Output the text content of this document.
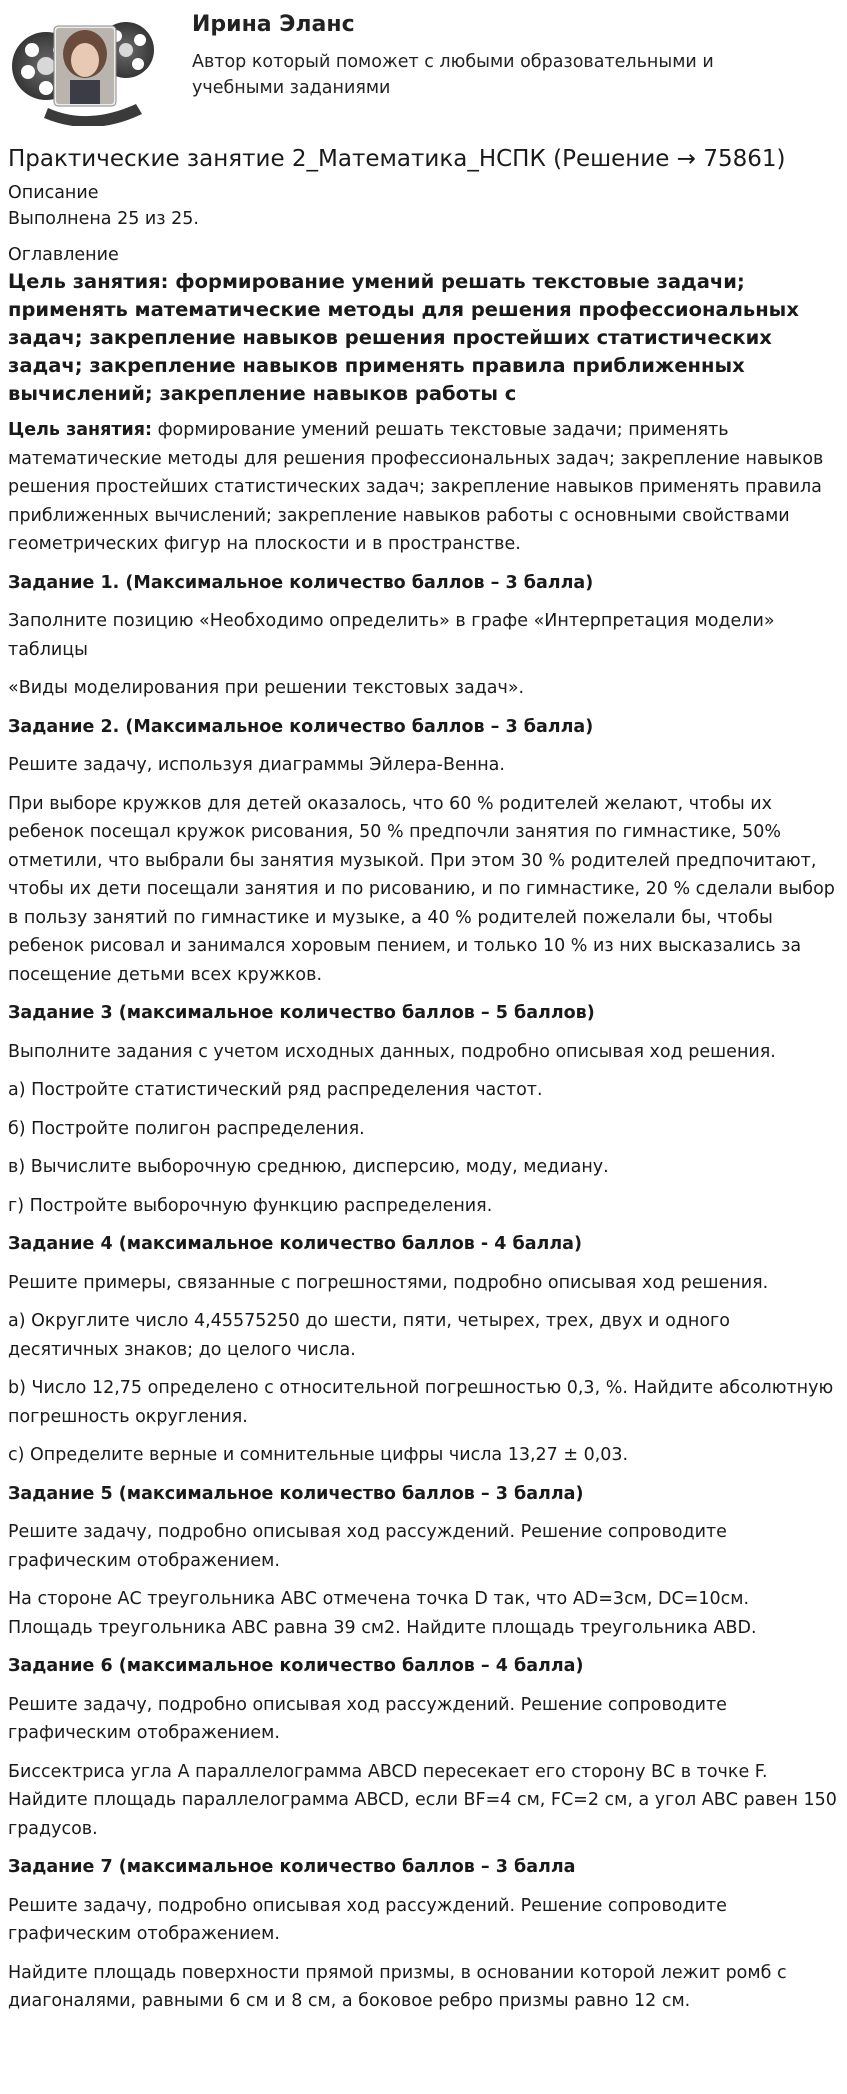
Ирина Эланс

Автор который поможет с любыми образовательными и учебными заданиями

Практические занятие 2_Математика_НСПК (Решение → 75861)

Описание

Выполнена 25 из 25.

Оглавление

Цель занятия: формирование умений решать текстовые задачи; применять математические методы для решения профессиональных задач; закрепление навыков решения простейших статистических задач; закрепление навыков применять правила приближенных вычислений; закрепление навыков работы с

Цель занятия: формирование умений решать текстовые задачи; применять математические методы для решения профессиональных задач; закрепление навыков решения простейших статистических задач; закрепление навыков применять правила приближенных вычислений; закрепление навыков работы с основными свойствами геометрических фигур на плоскости и в пространстве.

Задание 1. (Максимальное количество баллов – 3 балла)

Заполните позицию «Необходимо определить» в графе «Интерпретация модели» таблицы

«Виды моделирования при решении текстовых задач».

Задание 2. (Максимальное количество баллов – 3 балла)

Решите задачу, используя диаграммы Эйлера-Венна.

При выборе кружков для детей оказалось, что 60 % родителей желают, чтобы их ребенок посещал кружок рисования, 50 % предпочли занятия по гимнастике, 50% отметили, что выбрали бы занятия музыкой. При этом 30 % родителей предпочитают, чтобы их дети посещали занятия и по рисованию, и по гимнастике, 20 % сделали выбор в пользу занятий по гимнастике и музыке, а 40 % родителей пожелали бы, чтобы ребенок рисовал и занимался хоровым пением, и только 10 % из них высказались за посещение детьми всех кружков.

Задание 3 (максимальное количество баллов – 5 баллов)

Выполните задания с учетом исходных данных, подробно описывая ход решения.

а) Постройте статистический ряд распределения частот.

б) Постройте полигон распределения.

в) Вычислите выборочную среднюю, дисперсию, моду, медиану.

г) Постройте выборочную функцию распределения.

Задание 4 (максимальное количество баллов - 4 балла)

Решите примеры, связанные с погрешностями, подробно описывая ход решения.

а) Округлите число 4,45575250 до шести, пяти, четырех, трех, двух и одного десятичных знаков; до целого числа.

b) Число 12,75 определено с относительной погрешностью 0,3, %. Найдите абсолютную погрешность округления.

с) Определите верные и сомнительные цифры числа 13,27 ± 0,03.

Задание 5 (максимальное количество баллов – 3 балла)

Решите задачу, подробно описывая ход рассуждений. Решение сопроводите графическим отображением.

На стороне АС треугольника АВС отмечена точка D так, что AD=3см, DC=10см. Площадь треугольника АВС равна 39 см2. Найдите площадь треугольника ABD.

Задание 6 (максимальное количество баллов – 4 балла)

Решите задачу, подробно описывая ход рассуждений. Решение сопроводите графическим отображением.

Биссектриса угла А параллелограмма ABCD пересекает его сторону ВС в точке F. Найдите площадь параллелограмма ABCD, если BF=4 см, FC=2 см, а угол АВС равен 150 градусов.

Задание 7 (максимальное количество баллов – 3 балла

Решите задачу, подробно описывая ход рассуждений. Решение сопроводите графическим отображением.

Найдите площадь поверхности прямой призмы, в основании которой лежит ромб с диагоналями, равными 6 см и 8 см, а боковое ребро призмы равно 12 см.
